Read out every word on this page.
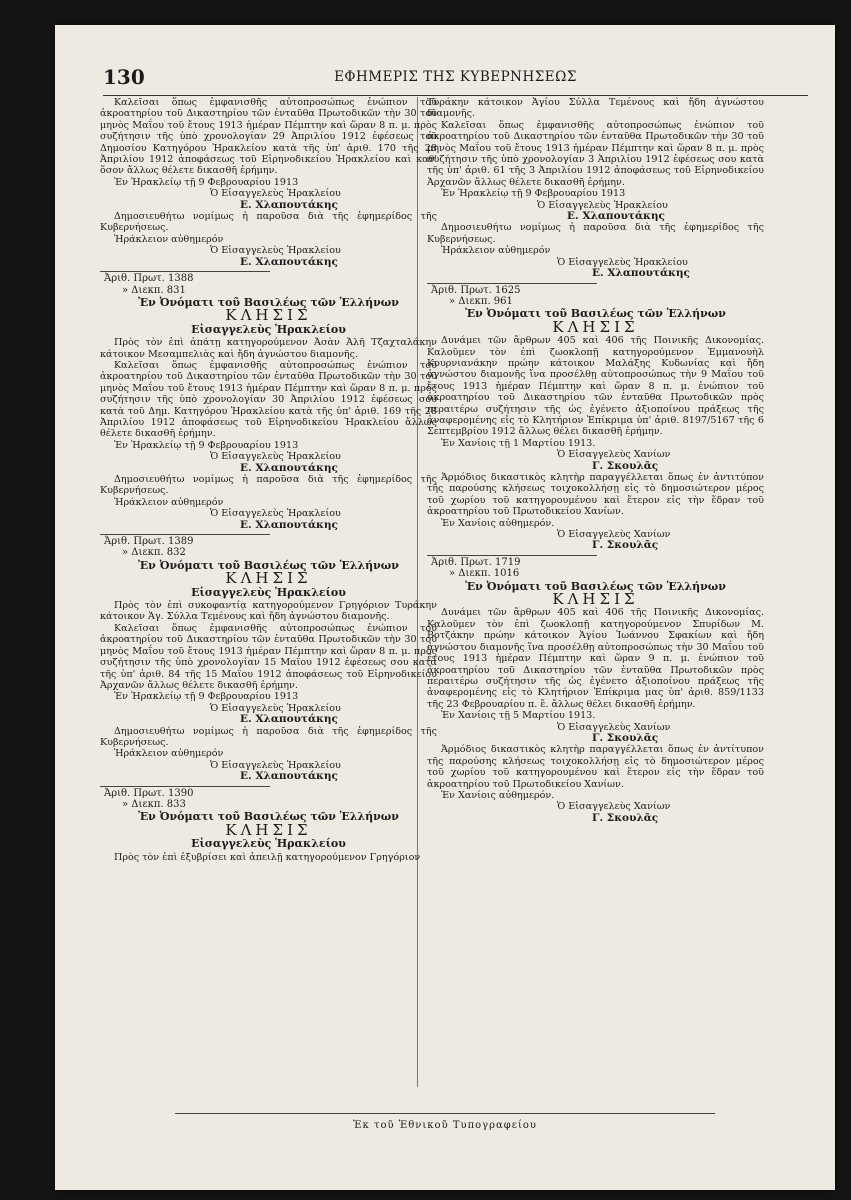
130	ΕΦΗΜΕΡΙΣ ΤΗΣ ΚΥΒΕΡΝΗΣΕΩΣ

Καλεῖσαι ὅπως ἐμφανισθῆς αὐτοπροσώπως ἐνώπιον τοῦ ἀκροατηρίου τοῦ Δικαστηρίου τῶν ἐνταῦθα Πρωτοδικῶν τὴν 30 τοῦ μηνὸς Μαΐου τοῦ ἔτους 1913 ἡμέραν Πέμπτην καὶ ὥραν 8 π. μ. πρὸς συζήτησιν τῆς ὑπὸ χρονολογίαν 29 Ἀπριλίου 1912 ἐφέσεως τοῦ Δημοσίου Κατηγόρου Ἡρακλείου κατὰ τῆς ὑπ' ἀριθ. 170 τῆς 28 Ἀπριλίου 1912 ἀποφάσεως τοῦ Εἰρηνοδικείου Ἡρακλείου καὶ καθ' ὅσον ἄλλως θέλετε δικασθῆ ἐρήμην.

Ἐν Ἡρακλείῳ τῇ 9 Φεβρουαρίου 1913

Ὁ Εἰσαγγελεὺς Ἡρακλείου

Ε. Χλαπουτάκης

Δημοσιευθήτω νομίμως ἡ παροῦσα διὰ τῆς ἐφημερίδος τῆς Κυβερνήσεως.

Ἡράκλειον αὐθημερόν

Ὁ Εἰσαγγελεὺς Ἡρακλείου

Ε. Χλαπουτάκης

Ἀριθ. Πρωτ. 1388

» Διεκπ. 831

Ἐν Ὀνόματι τοῦ Βασιλέως τῶν Ἑλλήνων

ΚΛΗΣΙΣ

Εἰσαγγελεὺς Ἡρακλείου

Πρὸς τὸν ἐπὶ ἀπάτῃ κατηγορούμενον Ἀσὰν Ἀλῆ Τζαχταλάκην κάτοικον Μεσαμπελιὰς καὶ ἤδη ἀγνώστου διαμονῆς.

Καλεῖσαι ὅπως ἐμφανισθῆς αὐτοπροσώπως ἐνώπιον τοῦ ἀκροατηρίου τοῦ Δικαστηρίου τῶν ἐνταῦθα Πρωτοδικῶν τὴν 30 τοῦ μηνὸς Μαΐου τοῦ ἔτους 1913 ἡμέραν Πέμπτην καὶ ὥραν 8 π. μ. πρὸς συζήτησιν τῆς ὑπὸ χρονολογίαν 30 Ἀπριλίου 1912 ἐφέσεως σου κατὰ τοῦ Δημ. Κατηγόρου Ἡρακλείου κατὰ τῆς ὑπ' ἀριθ. 169 τῆς 28 Ἀπριλίου 1912 ἀποφάσεως τοῦ Εἰρηνοδικείου Ἡρακλείου ἄλλως θέλετε δικασθῆ ἐρήμην.

Ἐν Ἡρακλείῳ τῇ 9 Φεβρουαρίου 1913

Ὁ Εἰσαγγελεὺς Ἡρακλείου

Ε. Χλαπουτάκης

Δημοσιευθήτω νομίμως ἡ παροῦσα διὰ τῆς ἐφημερίδος τῆς Κυβερνήσεως.

Ἡράκλειον αὐθημερόν

Ὁ Εἰσαγγελεὺς Ἡρακλείου

Ε. Χλαπουτάκης

Ἀριθ. Πρωτ. 1389

» Διεκπ. 832

Ἐν Ὀνόματι τοῦ Βασιλέως τῶν Ἑλλήνων

ΚΛΗΣΙΣ

Εἰσαγγελεὺς Ἡρακλείου

Πρὸς τὸν ἐπὶ συκοφαντίᾳ κατηγορούμενον Γρηγόριον Τυράκην κάτοικον Ἁγ. Σύλλα Τεμένους καὶ ἤδη ἀγνώστου διαμονῆς.

Καλεῖσαι ὅπως ἐμφανισθῆς αὐτοπροσώπως ἐνώπιον τοῦ ἀκροατηρίου τοῦ Δικαστηρίου τῶν ἐνταῦθα Πρωτοδικῶν τὴν 30 τοῦ μηνὸς Μαΐου τοῦ ἔτους 1913 ἡμέραν Πέμπτην καὶ ὥραν 8 π. μ. πρὸς συζήτησιν τῆς ὑπὸ χρονολογίαν 15 Μαΐου 1912 ἐφέσεως σου κατὰ τῆς ὑπ' ἀριθ. 84 τῆς 15 Μαΐου 1912 ἀποφάσεως τοῦ Εἰρηνοδικείου Ἀρχανῶν ἄλλως θέλετε δικασθῆ ἐρήμην.

Ἐν Ἡρακλείῳ τῇ 9 Φεβρουαρίου 1913

Ὁ Εἰσαγγελεὺς Ἡρακλείου

Ε. Χλαπουτάκης

Δημοσιευθήτω νομίμως ἡ παροῦσα διὰ τῆς ἐφημερίδος τῆς Κυβερνήσεως.

Ἡράκλειον αὐθημερόν

Ὁ Εἰσαγγελεὺς Ἡρακλείου

Ε. Χλαπουτάκης

Ἀριθ. Πρωτ. 1390

» Διεκπ. 833

Ἐν Ὀνόματι τοῦ Βασιλέως τῶν Ἑλλήνων

ΚΛΗΣΙΣ

Εἰσαγγελεὺς Ἡρακλείου

Πρὸς τὸν ἐπὶ ἐξυβρίσει καὶ ἀπειλῇ κατηγορούμενον Γρηγόριον

Τυράκην κάτοικον Ἁγίου Σύλλα Τεμένους καὶ ἤδη ἀγνώστου διαμονῆς.

Καλεῖσαι ὅπως ἐμφανισθῆς αὐτοπροσώπως ἐνώπιον τοῦ ἀκροατηρίου τοῦ Δικαστηρίου τῶν ἐνταῦθα Πρωτοδικῶν τὴν 30 τοῦ μηνὸς Μαΐου τοῦ ἔτους 1913 ἡμέραν Πέμπτην καὶ ὥραν 8 π. μ. πρὸς συζήτησιν τῆς ὑπὸ χρονολογίαν 3 Ἀπριλίου 1912 ἐφέσεως σου κατὰ τῆς ὑπ' ἀριθ. 61 τῆς 3 Ἀπριλίου 1912 ἀποφάσεως τοῦ Εἰρηνοδικείου Ἀρχανῶν ἄλλως θέλετε δικασθῆ ἐρήμην.

Ἐν Ἡρακλείῳ τῇ 9 Φεβρουαρίου 1913

Ὁ Εἰσαγγελεὺς Ἡρακλείου

Ε. Χλαπουτάκης

Δημοσιευθήτω νομίμως ἡ παροῦσα διὰ τῆς ἐφημερίδος τῆς Κυβερνήσεως.

Ἡράκλειον αὐθημερόν

Ὁ Εἰσαγγελεὺς Ἡρακλείου

Ε. Χλαπουτάκης

Ἀριθ. Πρωτ. 1625

» Διεκπ. 961

Ἐν Ὀνόματι τοῦ Βασιλέως τῶν Ἑλλήνων

ΚΛΗΣΙΣ

Δυνάμει τῶν ἄρθρων 405 καὶ 406 τῆς Ποινικῆς Δικονομίας. Καλοῦμεν τὸν ἐπὶ ζωοκλοπῇ κατηγορούμενον Ἐμμανουὴλ Κουρνιανάκην πρώην κάτοικον Μαλάξης Κυδωνίας καὶ ἤδη ἀγνώστου διαμονῆς ἵνα προσέλθῃ αὐτοπροσώπως τὴν 9 Μαΐου τοῦ ἔτους 1913 ἡμέραν Πέμπτην καὶ ὥραν 8 π. μ. ἐνώπιον τοῦ ἀκροατηρίου τοῦ Δικαστηρίου τῶν ἐνταῦθα Πρωτοδικῶν πρὸς περαιτέρω συζήτησιν τῆς ὡς ἐγένετο ἀξιοποίνου πράξεως τῆς ἀναφερομένης εἰς τὸ Κλητήριον Ἐπίκριμα ὑπ' ἀριθ. 8197/5167 τῆς 6 Σεπτεμβρίου 1912 ἄλλως θέλει δικασθῆ ἐρήμην.

Ἐν Χανίοις τῇ 1 Μαρτίου 1913.

Ὁ Εἰσαγγελεὺς Χανίων

Γ. Σκουλᾶς

Ἁρμόδιος δικαστικὸς κλητὴρ παραγγέλλεται ὅπως ἐν ἀντιτύπον τῆς παρούσης κλήσεως τοιχοκολλήσῃ εἰς τὸ δημοσιώτερον μέρος τοῦ χωρίου τοῦ κατηγορουμένου καὶ ἕτερον εἰς τὴν ἕδραν τοῦ ἀκροατηρίου τοῦ Πρωτοδικείου Χανίων.

Ἐν Χανίοις αὐθημερόν.

Ὁ Εἰσαγγελεὺς Χανίων

Γ. Σκουλᾶς

Ἀριθ. Πρωτ. 1719

» Διεκπ. 1016

Ἐν Ὀνόματι τοῦ Βασιλέως τῶν Ἑλλήνων

ΚΛΗΣΙΣ

Δυνάμει τῶν ἄρθρων 405 καὶ 406 τῆς Ποινικῆς Δικονομίας. Καλοῦμεν τὸν ἐπὶ ζωοκλοπῇ κατηγορούμενον Σπυρίδων Μ. Βοτζάκην πρώην κάτοικον Ἁγίου Ἰωάννου Σφακίων καὶ ἤδη ἀγνώστου διαμονῆς ἵνα προσέλθῃ αὐτοπροσώπως τὴν 30 Μαΐου τοῦ ἔτους 1913 ἡμέραν Πέμπτην καὶ ὥραν 9 π. μ. ἐνώπιον τοῦ ἀκροατηρίου τοῦ Δικαστηρίου τῶν ἐνταῦθα Πρωτοδικῶν πρὸς περαιτέρω συζήτησιν τῆς ὡς ἐγένετο ἀξιοποίνου πράξεως τῆς ἀναφερομένης εἰς τὸ Κλητήριον Ἐπίκριμα μας ὑπ' ἀριθ. 859/1133 τῆς 23 Φεβρουαρίου π. ἔ. ἄλλως θέλει δικασθῆ ἐρήμην.

Ἐν Χανίοις τῇ 5 Μαρτίου 1913.

Ὁ Εἰσαγγελεὺς Χανίων

Γ. Σκουλᾶς

Ἁρμόδιος δικαστικὸς κλητὴρ παραγγέλλεται ὅπως ἐν ἀντίτυπον τῆς παρούσης κλήσεως τοιχοκολλήσῃ εἰς τὸ δημοσιώτερον μέρος τοῦ χωρίου τοῦ κατηγορουμένου καὶ ἕτερον εἰς τὴν ἕδραν τοῦ ἀκροατηρίου τοῦ Πρωτοδικείου Χανίων.

Ἐν Χανίοις αὐθημερόν.

Ὁ Εἰσαγγελεὺς Χανίων

Γ. Σκουλᾶς

Ἐκ τοῦ Ἐθνικοῦ Τυπογραφείου
